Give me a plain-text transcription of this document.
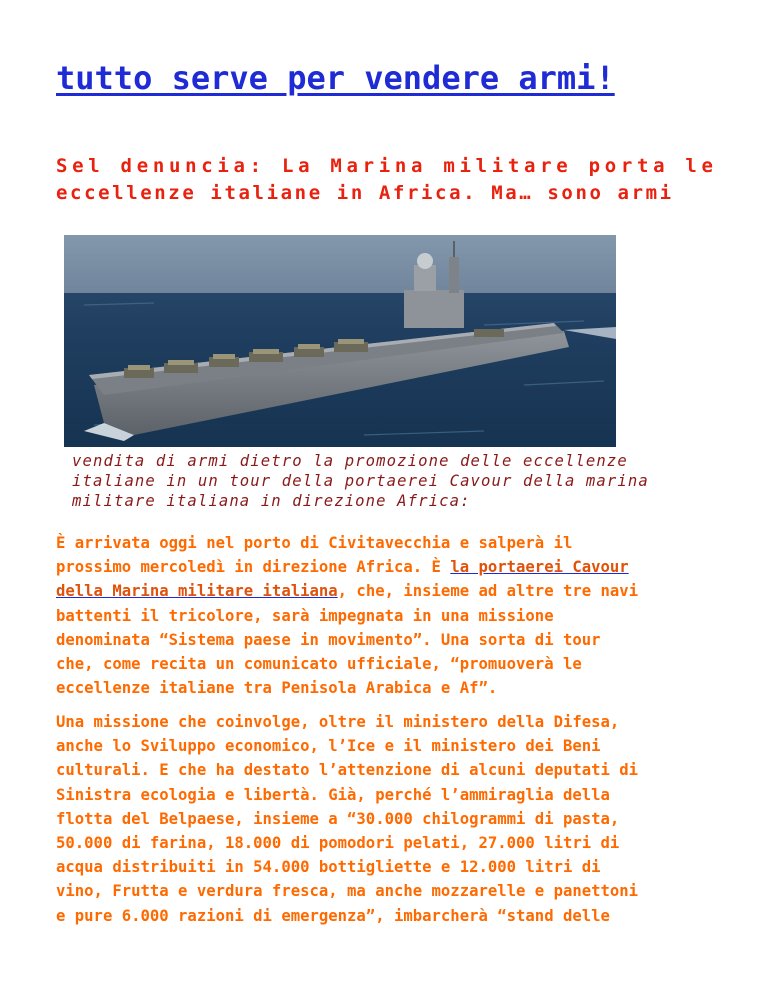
tutto serve per vendere armi!
Sel denuncia: La Marina militare porta le
eccellenze italiane in Africa. Ma… sono armi
vendita di armi dietro la promozione delle eccellenze
italiane in un tour della portaerei Cavour della marina
militare italiana in direzione Africa:
È arrivata oggi nel porto di Civitavecchia e salperà il
prossimo mercoledì in direzione Africa. È la portaerei Cavour
della Marina militare italiana, che, insieme ad altre tre navi
battenti il tricolore, sarà impegnata in una missione
denominata “Sistema paese in movimento”. Una sorta di tour
che, come recita un comunicato ufficiale, “promuoverà le
eccellenze italiane tra Penisola Arabica e Af”.
Una missione che coinvolge, oltre il ministero della Difesa,
anche lo Sviluppo economico, l’Ice e il ministero dei Beni
culturali. E che ha destato l’attenzione di alcuni deputati di
Sinistra ecologia e libertà. Già, perché l’ammiraglia della
flotta del Belpaese, insieme a “30.000 chilogrammi di pasta,
50.000 di farina, 18.000 di pomodori pelati, 27.000 litri di
acqua distribuiti in 54.000 bottigliette e 12.000 litri di
vino, Frutta e verdura fresca, ma anche mozzarelle e panettoni
e pure 6.000 razioni di emergenza”, imbarcherà “stand delle
